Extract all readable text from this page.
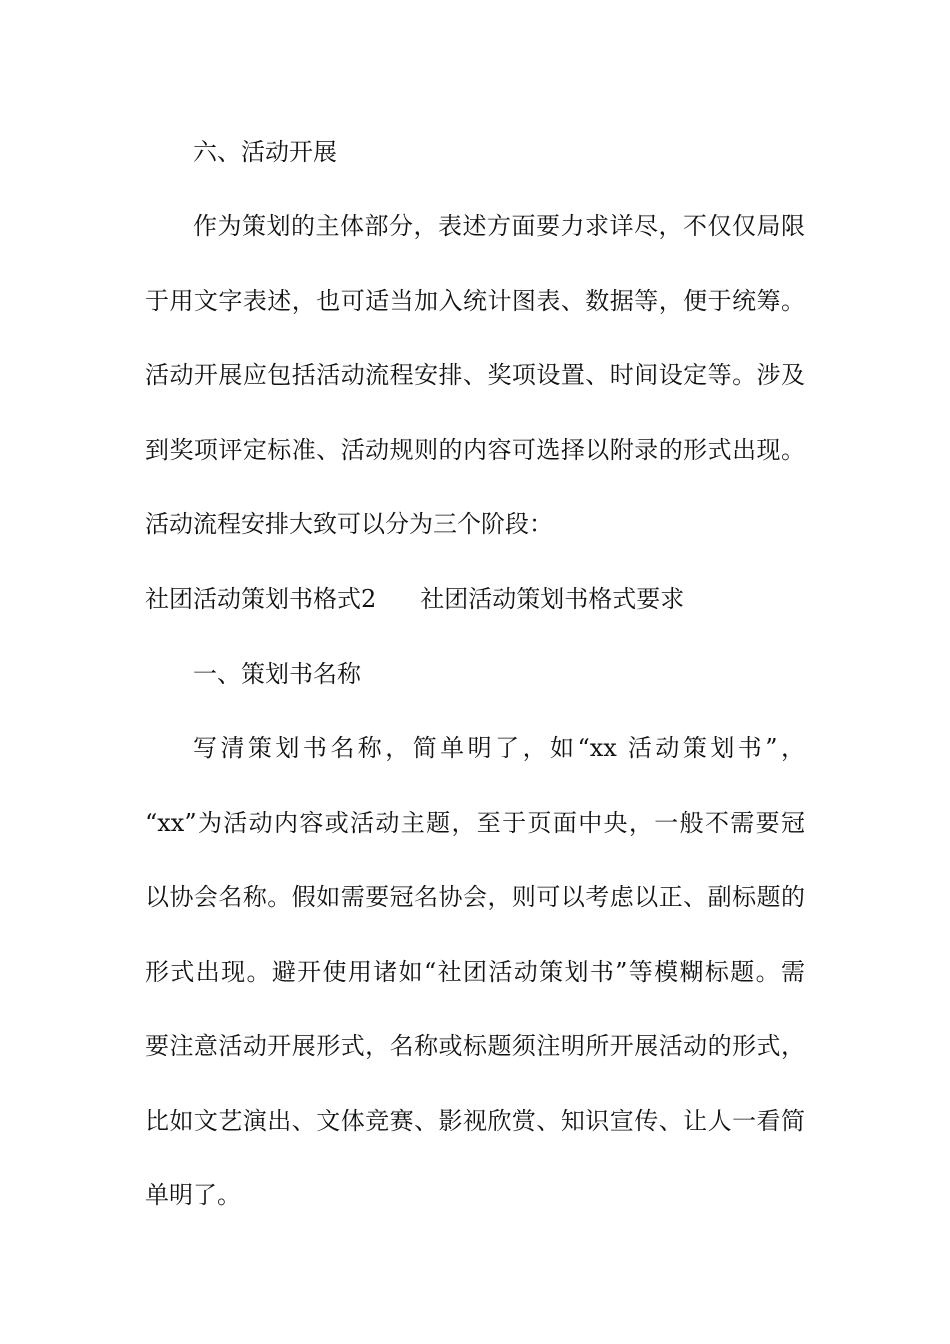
六、活动开展

作为策划的主体部分，表述方面要力求详尽，不仅仅局限

于用文字表述，也可适当加入统计图表、数据等，便于统筹。

活动开展应包括活动流程安排、奖项设置、时间设定等。涉及

到奖项评定标准、活动规则的内容可选择以附录的形式出现。

活动流程安排大致可以分为三个阶段：

社团活动策划书格式2 社团活动策划书格式要求

一、策划书名称

写清策划书名称，简单明了，如“xx 活动策划书”，

“xx”为活动内容或活动主题，至于页面中央，一般不需要冠

以协会名称。假如需要冠名协会，则可以考虑以正、副标题的

形式出现。避开使用诸如“社团活动策划书”等模糊标题。需

要注意活动开展形式，名称或标题须注明所开展活动的形式，

比如文艺演出、文体竞赛、影视欣赏、知识宣传、让人一看简

单明了。
